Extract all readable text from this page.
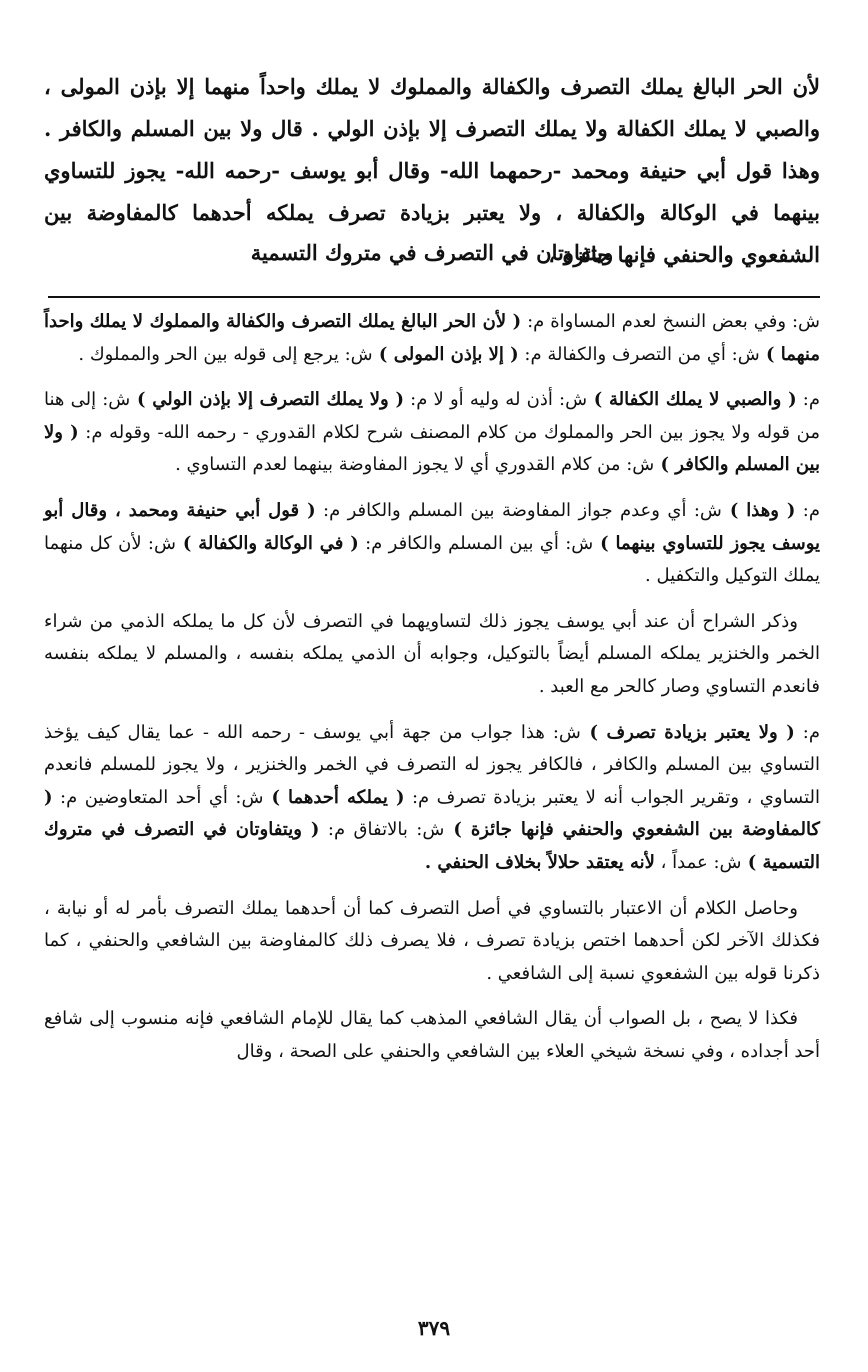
لأن الحر البالغ يملك التصرف والكفالة والمملوك لا يملك واحداً منهما إلا بإذن المولى ، والصبي لا يملك الكفالة ولا يملك التصرف إلا بإذن الولي . قال ولا بين المسلم والكافر . وهذا قول أبي حنيفة ومحمد -رحمهما الله- وقال أبو يوسف -رحمه الله- يجوز للتساوي بينهما في الوكالة والكفالة ، ولا يعتبر بزيادة تصرف يملكه أحدهما كالمفاوضة بين الشفعوي والحنفي فإنها جائزة ،
ويتفاوتان في التصرف في متروك التسمية

ش: وفي بعض النسخ لعدم المساواة م: ( لأن الحر البالغ يملك التصرف والكفالة والمملوك لا يملك واحداً منهما ) ش: أي من التصرف والكفالة م: ( إلا بإذن المولى ) ش: يرجع إلى قوله بين الحر والمملوك .

م: ( والصبي لا يملك الكفالة ) ش: أذن له وليه أو لا م: ( ولا يملك التصرف إلا بإذن الولي ) ش: إلى هنا من قوله ولا يجوز بين الحر والمملوك من كلام المصنف شرح لكلام القدوري - رحمه الله- وقوله م: ( ولا بين المسلم والكافر ) ش: من كلام القدوري أي لا يجوز المفاوضة بينهما لعدم التساوي .

م: ( وهذا ) ش: أي وعدم جواز المفاوضة بين المسلم والكافر م: ( قول أبي حنيفة ومحمد ، وقال أبو يوسف يجوز للتساوي بينهما ) ش: أي بين المسلم والكافر م: ( في الوكالة والكفالة ) ش: لأن كل منهما يملك التوكيل والتكفيل .

وذكر الشراح أن عند أبي يوسف يجوز ذلك لتساويهما في التصرف لأن كل ما يملكه الذمي من شراء الخمر والخنزير يملكه المسلم أيضاً بالتوكيل، وجوابه أن الذمي يملكه بنفسه ، والمسلم لا يملكه بنفسه فانعدم التساوي وصار كالحر مع العبد .

م: ( ولا يعتبر بزيادة تصرف ) ش: هذا جواب من جهة أبي يوسف - رحمه الله - عما يقال كيف يؤخذ التساوي بين المسلم والكافر ، فالكافر يجوز له التصرف في الخمر والخنزير ، ولا يجوز للمسلم فانعدم التساوي ، وتقرير الجواب أنه لا يعتبر بزيادة تصرف م: ( يملكه أحدهما ) ش: أي أحد المتعاوضين م: ( كالمفاوضة بين الشفعوي والحنفي فإنها جائزة ) ش: بالاتفاق م: ( ويتفاوتان في التصرف في متروك التسمية ) ش: عمداً ، لأنه يعتقد حلالاً بخلاف الحنفي .

وحاصل الكلام أن الاعتبار بالتساوي في أصل التصرف كما أن أحدهما يملك التصرف بأمر له أو نيابة ، فكذلك الآخر لكن أحدهما اختص بزيادة تصرف ، فلا يصرف ذلك كالمفاوضة بين الشافعي والحنفي ، كما ذكرنا قوله بين الشفعوي نسبة إلى الشافعي .

فكذا لا يصح ، بل الصواب أن يقال الشافعي المذهب كما يقال للإمام الشافعي فإنه منسوب إلى شافع أحد أجداده ، وفي نسخة شيخي العلاء بين الشافعي والحنفي على الصحة ، وقال

٣٧٩
